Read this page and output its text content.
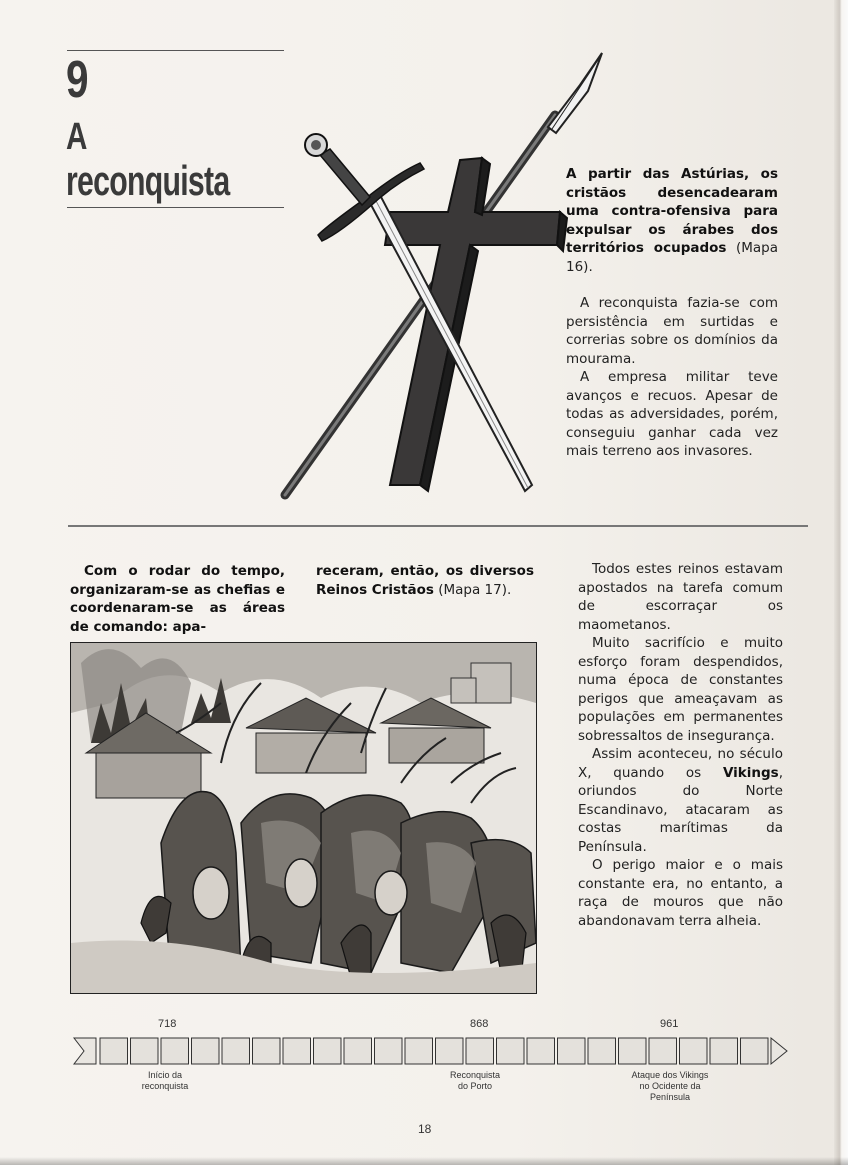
9
A
reconquista	A partir das Astúrias, os cristãos desencadearam uma contra-ofensiva para expulsar os árabes dos territórios ocupados (Mapa 16).

A reconquista fazia-se com persistência em surtidas e correrias sobre os domínios da mourama.

A empresa militar teve avanços e recuos. Apesar de todas as adversidades, porém, conseguiu ganhar cada vez mais terreno aos invasores.

Com o rodar do tempo, organizaram-se as chefias e coordenaram-se as áreas de comando: apa-

receram, então, os diversos Reinos Cristãos (Mapa 17).

Todos estes reinos estavam apostados na tarefa comum de escorraçar os maometanos.

Muito sacrifício e muito esforço foram despendidos, numa época de constantes perigos que ameaçavam as populações em permanentes sobressaltos de insegurança.

Assim aconteceu, no século X, quando os Vikings, oriundos do Norte Escandinavo, atacaram as costas marítimas da Península.

O perigo maior e o mais constante era, no entanto, a raça de mouros que não abandonavam terra alheia.

718	868	961
Início da
reconquista
Reconquista
do Porto
Ataque dos Vikings
no Ocidente da
Península
18
